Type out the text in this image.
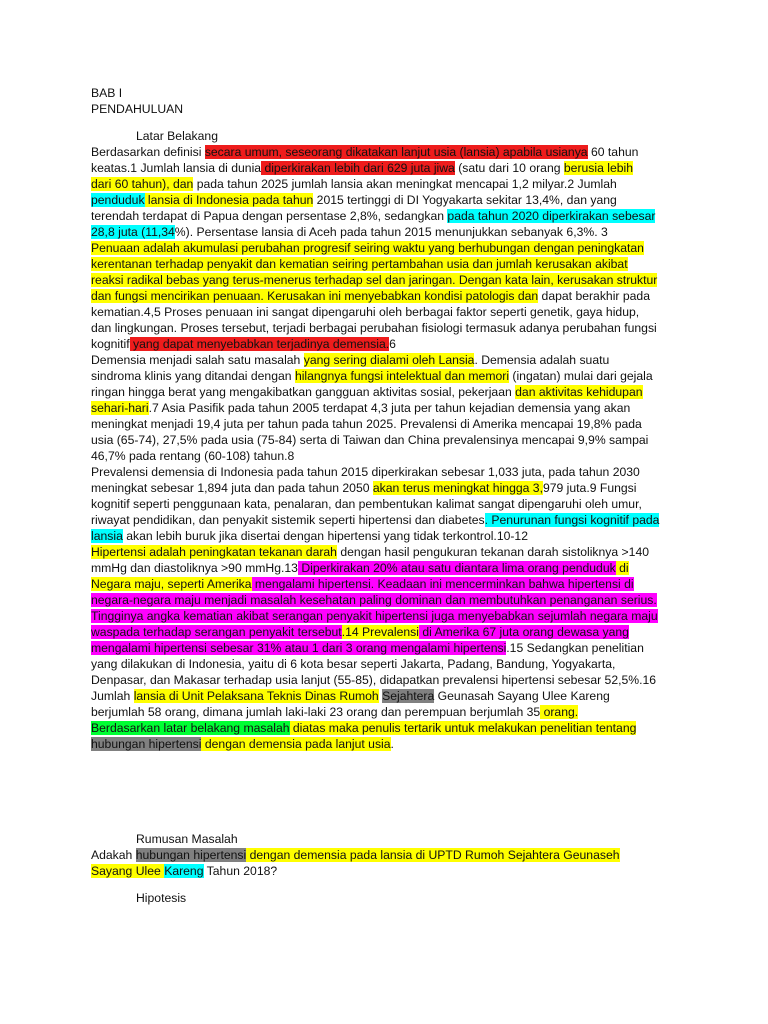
BAB I
PENDAHULUAN
Latar Belakang
Berdasarkan definisi secara umum, seseorang dikatakan lanjut usia (lansia) apabila usianya 60 tahun
keatas.1 Jumlah lansia di dunia diperkirakan lebih dari 629 juta jiwa (satu dari 10 orang berusia lebih
dari 60 tahun), dan pada tahun 2025 jumlah lansia akan meningkat mencapai 1,2 milyar.2 Jumlah
penduduk lansia di Indonesia pada tahun 2015 tertinggi di DI Yogyakarta sekitar 13,4%, dan yang
terendah terdapat di Papua dengan persentase 2,8%, sedangkan pada tahun 2020 diperkirakan sebesar
28,8 juta (11,34%). Persentase lansia di Aceh pada tahun 2015 menunjukkan sebanyak 6,3%. 3
Penuaan adalah akumulasi perubahan progresif seiring waktu yang berhubungan dengan peningkatan
kerentanan terhadap penyakit dan kematian seiring pertambahan usia dan jumlah kerusakan akibat
reaksi radikal bebas yang terus-menerus terhadap sel dan jaringan. Dengan kata lain, kerusakan struktur
dan fungsi mencirikan penuaan. Kerusakan ini menyebabkan kondisi patologis dan dapat berakhir pada
kematian.4,5 Proses penuaan ini sangat dipengaruhi oleh berbagai faktor seperti genetik, gaya hidup,
dan lingkungan. Proses tersebut, terjadi berbagai perubahan fisiologi termasuk adanya perubahan fungsi
kognitif yang dapat menyebabkan terjadinya demensia.6
Demensia menjadi salah satu masalah yang sering dialami oleh Lansia. Demensia adalah suatu
sindroma klinis yang ditandai dengan hilangnya fungsi intelektual dan memori (ingatan) mulai dari gejala
ringan hingga berat yang mengakibatkan gangguan aktivitas sosial, pekerjaan dan aktivitas kehidupan
sehari-hari.7 Asia Pasifik pada tahun 2005 terdapat 4,3 juta per tahun kejadian demensia yang akan
meningkat menjadi 19,4 juta per tahun pada tahun 2025. Prevalensi di Amerika mencapai 19,8% pada
usia (65-74), 27,5% pada usia (75-84) serta di Taiwan dan China prevalensinya mencapai 9,9% sampai
46,7% pada rentang (60-108) tahun.8
Prevalensi demensia di Indonesia pada tahun 2015 diperkirakan sebesar 1,033 juta, pada tahun 2030
meningkat sebesar 1,894 juta dan pada tahun 2050 akan terus meningkat hingga 3,979 juta.9 Fungsi
kognitif seperti penggunaan kata, penalaran, dan pembentukan kalimat sangat dipengaruhi oleh umur,
riwayat pendidikan, dan penyakit sistemik seperti hipertensi dan diabetes. Penurunan fungsi kognitif pada
lansia akan lebih buruk jika disertai dengan hipertensi yang tidak terkontrol.10-12
Hipertensi adalah peningkatan tekanan darah dengan hasil pengukuran tekanan darah sistoliknya >140
mmHg dan diastoliknya >90 mmHg.13 Diperkirakan 20% atau satu diantara lima orang penduduk di
Negara maju, seperti Amerika mengalami hipertensi. Keadaan ini mencerminkan bahwa hipertensi di
negara-negara maju menjadi masalah kesehatan paling dominan dan membutuhkan penanganan serius.
Tingginya angka kematian akibat serangan penyakit hipertensi juga menyebabkan sejumlah negara maju
waspada terhadap serangan penyakit tersebut.14 Prevalensi di Amerika 67 juta orang dewasa yang
mengalami hipertensi sebesar 31% atau 1 dari 3 orang mengalami hipertensi.15 Sedangkan penelitian
yang dilakukan di Indonesia, yaitu di 6 kota besar seperti Jakarta, Padang, Bandung, Yogyakarta,
Denpasar, dan Makasar terhadap usia lanjut (55-85), didapatkan prevalensi hipertensi sebesar 52,5%.16
Jumlah lansia di Unit Pelaksana Teknis Dinas Rumoh Sejahtera Geunasah Sayang Ulee Kareng
berjumlah 58 orang, dimana jumlah laki-laki 23 orang dan perempuan berjumlah 35 orang.
Berdasarkan latar belakang masalah diatas maka penulis tertarik untuk melakukan penelitian tentang
hubungan hipertensi dengan demensia pada lanjut usia.
Rumusan Masalah
Adakah hubungan hipertensi dengan demensia pada lansia di UPTD Rumoh Sejahtera Geunaseh
Sayang Ulee Kareng Tahun 2018?
Hipotesis
